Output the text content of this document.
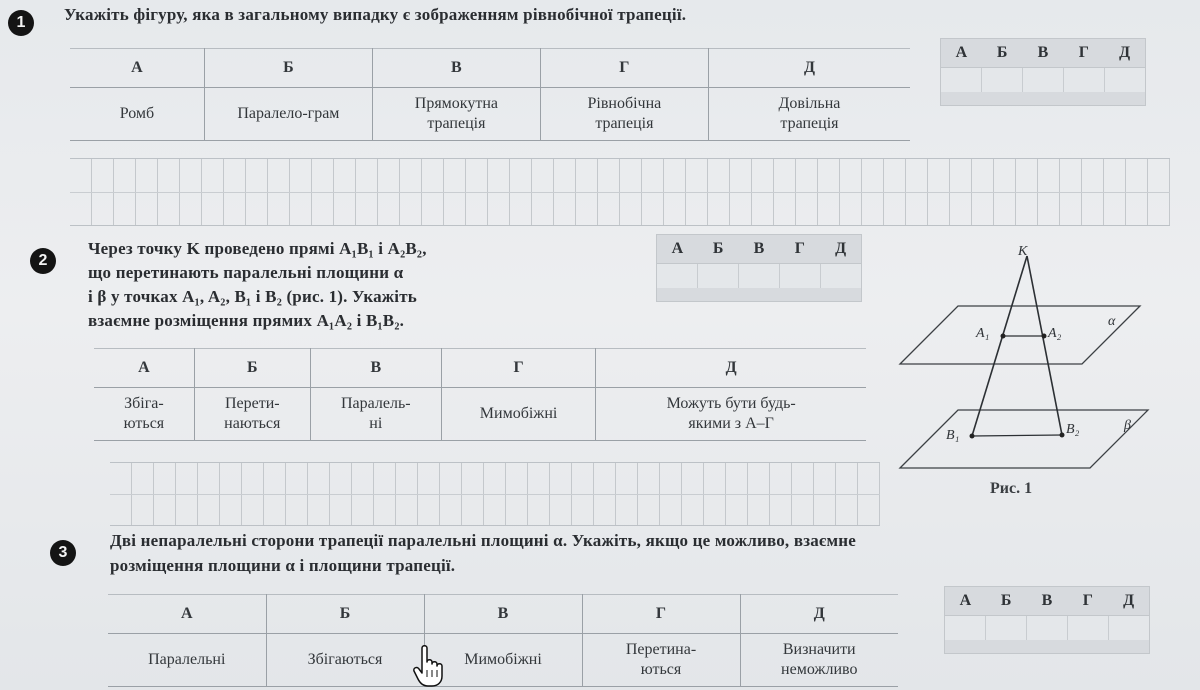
1	Укажіть фігуру, яка в загальному випадку є зображенням рівнобічної трапеції.
А	Б	В	Г	Д
Ромб	Паралело-грам	Прямокутна трапеція	Рівнобічна трапеція	Довільна трапеція
А	Б	В	Г	Д
2
Через точку K проведено прямі A₁B₁ і A₂B₂,
що перетинають паралельні площини α
і β у точках A₁, A₂, B₁ і B₂ (рис. 1). Укажіть
взаємне розміщення прямих A₁A₂ і B₁B₂.
А	Б	В	Г	Д
А	Б	В	Г	Д
Збіга-ються	Перети-наються	Паралель-ні	Мимобіжні	Можуть бути будь-якими з А–Г
K
A₁	A₂
α
B₁	B₂	β
Рис. 1
3
Дві непаралельні сторони трапеції паралельні площині α. Укажіть, якщо це можливо, взаємне
розміщення площини α і площини трапеції.
А	Б	В	Г	Д
Паралельні	Збігаються	Мимобіжні	Перетина-ються	Визначити неможливо
А	Б	В	Г	Д
